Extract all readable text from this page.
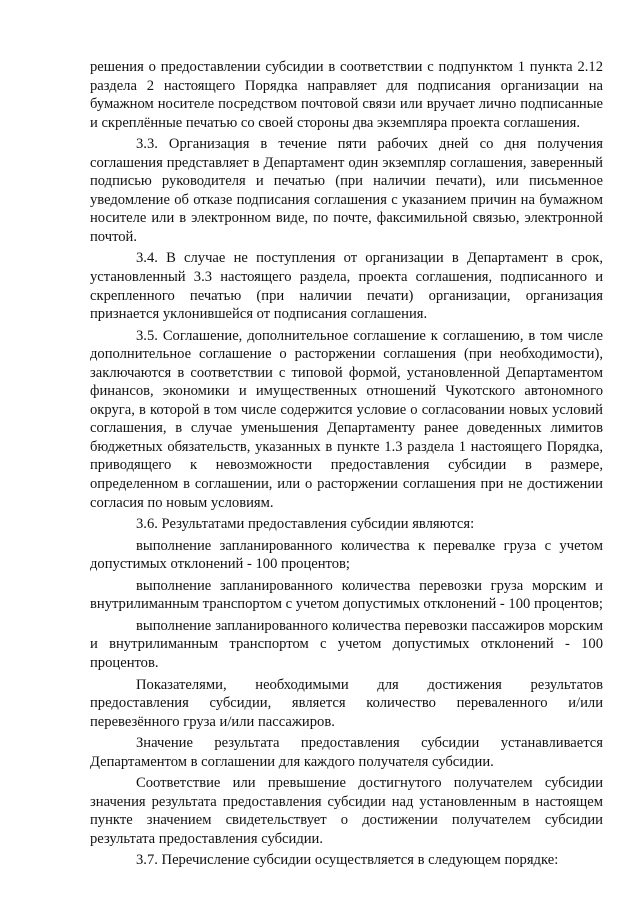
решения о предоставлении субсидии в соответствии с подпунктом 1 пункта 2.12 раздела 2 настоящего Порядка направляет для подписания организации на бумажном носителе посредством почтовой связи или вручает лично подписанные и скреплённые печатью со своей стороны два экземпляра проекта соглашения.

3.3. Организация в течение пяти рабочих дней со дня получения соглашения представляет в Департамент один экземпляр соглашения, заверенный подписью руководителя и печатью (при наличии печати), или письменное уведомление об отказе подписания соглашения с указанием причин на бумажном носителе или в электронном виде, по почте, факсимильной связью, электронной почтой.

3.4. В случае не поступления от организации в Департамент в срок, установленный 3.3 настоящего раздела, проекта соглашения, подписанного и скрепленного печатью (при наличии печати) организации, организация признается уклонившейся от подписания соглашения.

3.5. Соглашение, дополнительное соглашение к соглашению, в том числе дополнительное соглашение о расторжении соглашения (при необходимости), заключаются в соответствии с типовой формой, установленной Департаментом финансов, экономики и имущественных отношений Чукотского автономного округа, в которой в том числе содержится условие о согласовании новых условий соглашения, в случае уменьшения Департаменту ранее доведенных лимитов бюджетных обязательств, указанных в пункте 1.3 раздела 1 настоящего Порядка, приводящего к невозможности предоставления субсидии в размере, определенном в соглашении, или о расторжении соглашения при не достижении согласия по новым условиям.

3.6. Результатами предоставления субсидии являются:

выполнение запланированного количества к перевалке груза с учетом допустимых отклонений - 100 процентов;

выполнение запланированного количества перевозки груза морским и внутрилиманным транспортом с учетом допустимых отклонений - 100 процентов;

выполнение запланированного количества перевозки пассажиров морским и внутрилиманным транспортом с учетом допустимых отклонений - 100 процентов.

Показателями, необходимыми для достижения результатов предоставления субсидии, является количество переваленного и/или перевезённого груза и/или пассажиров.

Значение результата предоставления субсидии устанавливается Департаментом в соглашении для каждого получателя субсидии.

Соответствие или превышение достигнутого получателем субсидии значения результата предоставления субсидии над установленным в настоящем пункте значением свидетельствует о достижении получателем субсидии результата предоставления субсидии.

3.7. Перечисление субсидии осуществляется в следующем порядке:
